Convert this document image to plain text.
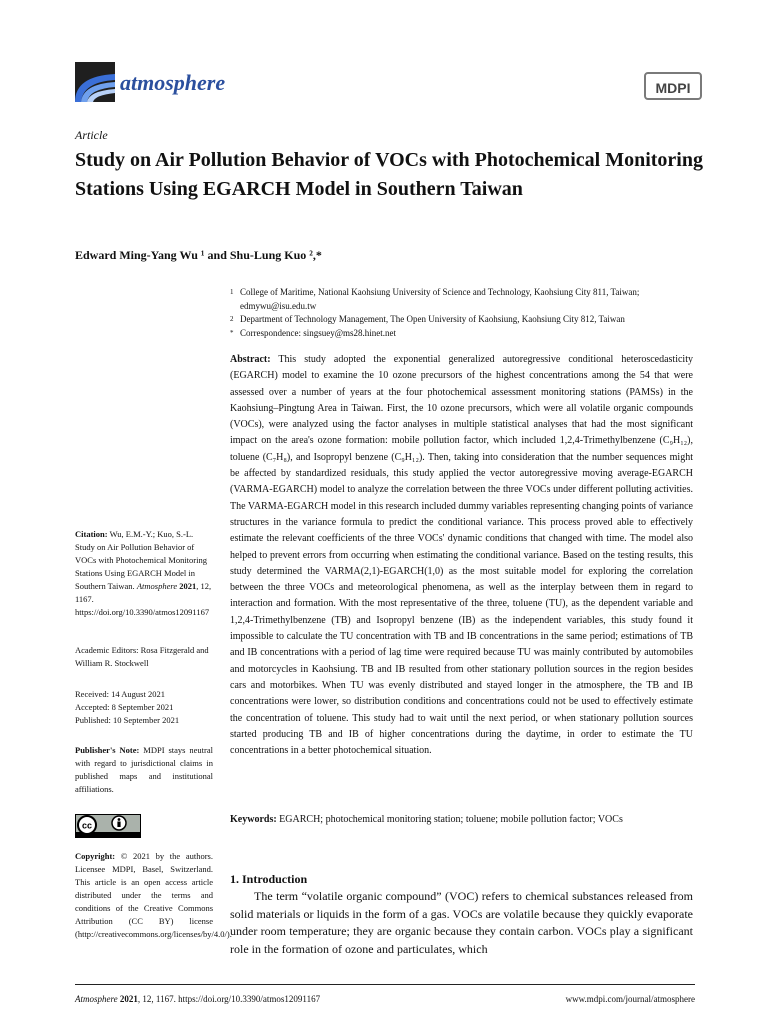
atmosphere	MDPI
Article
Study on Air Pollution Behavior of VOCs with Photochemical Monitoring Stations Using EGARCH Model in Southern Taiwan
Edward Ming-Yang Wu ¹ and Shu-Lung Kuo ²,*
1 College of Maritime, National Kaohsiung University of Science and Technology, Kaohsiung City 811, Taiwan; edmywu@isu.edu.tw
2 Department of Technology Management, The Open University of Kaohsiung, Kaohsiung City 812, Taiwan
* Correspondence: singsuey@ms28.hinet.net
Abstract: This study adopted the exponential generalized autoregressive conditional heteroscedasticity (EGARCH) model to examine the 10 ozone precursors of the highest concentrations among the 54 that were assessed over a number of years at the four photochemical assessment monitoring stations (PAMSs) in the Kaohsiung–Pingtung Area in Taiwan. First, the 10 ozone precursors, which were all volatile organic compounds (VOCs), were analyzed using the factor analyses in multiple statistical analyses that had the most significant impact on the area's ozone formation: mobile pollution factor, which included 1,2,4-Trimethylbenzene (C₉H₁₂), toluene (C₇H₈), and Isopropyl benzene (C₉H₁₂). Then, taking into consideration that the number sequences might be affected by standardized residuals, this study applied the vector autoregressive moving average-EGARCH (VARMA-EGARCH) model to analyze the correlation between the three VOCs under different polluting activities. The VARMA-EGARCH model in this research included dummy variables representing changing points of variance structures in the variance formula to predict the conditional variance. This process proved able to effectively estimate the relevant coefficients of the three VOCs' dynamic conditions that changed with time. The model also helped to prevent errors from occurring when estimating the conditional variance. Based on the testing results, this study determined the VARMA(2,1)-EGARCH(1,0) as the most suitable model for exploring the correlation between the three VOCs and meteorological phenomena, as well as the interplay between them in regard to interaction and formation. With the most representative of the three, toluene (TU), as the dependent variable and 1,2,4-Trimethylbenzene (TB) and Isopropyl benzene (IB) as the independent variables, this study found it impossible to calculate the TU concentration with TB and IB concentrations in the same period; estimations of TB and IB concentrations with a period of lag time were required because TU was mainly contributed by automobiles and motorcycles in Kaohsiung. TB and IB resulted from other stationary pollution sources in the region besides cars and motorbikes. When TU was evenly distributed and stayed longer in the atmosphere, the TB and IB concentrations were lower, so distribution conditions and concentrations could not be used to effectively estimate the concentration of toluene. This study had to wait until the next period, or when stationary pollution sources started producing TB and IB of higher concentrations during the daytime, in order to estimate the TU concentrations in a better photochemical situation.
Keywords: EGARCH; photochemical monitoring station; toluene; mobile pollution factor; VOCs
Citation: Wu, E.M.-Y.; Kuo, S.-L. Study on Air Pollution Behavior of VOCs with Photochemical Monitoring Stations Using EGARCH Model in Southern Taiwan. Atmosphere 2021, 12, 1167. https://doi.org/10.3390/atmos12091167
Academic Editors: Rosa Fitzgerald and William R. Stockwell
Received: 14 August 2021
Accepted: 8 September 2021
Published: 10 September 2021
Publisher's Note: MDPI stays neutral with regard to jurisdictional claims in published maps and institutional affiliations.
cc
Copyright: © 2021 by the authors. Licensee MDPI, Basel, Switzerland. This article is an open access article distributed under the terms and conditions of the Creative Commons Attribution (CC BY) license (http://creativecommons.org/licenses/by/4.0/).
1. Introduction
The term “volatile organic compound” (VOC) refers to chemical substances released from solid materials or liquids in the form of a gas. VOCs are volatile because they quickly evaporate under room temperature; they are organic because they contain carbon. VOCs play a significant role in the formation of ozone and particulates, which
Atmosphere 2021, 12, 1167. https://doi.org/10.3390/atmos12091167	www.mdpi.com/journal/atmosphere
